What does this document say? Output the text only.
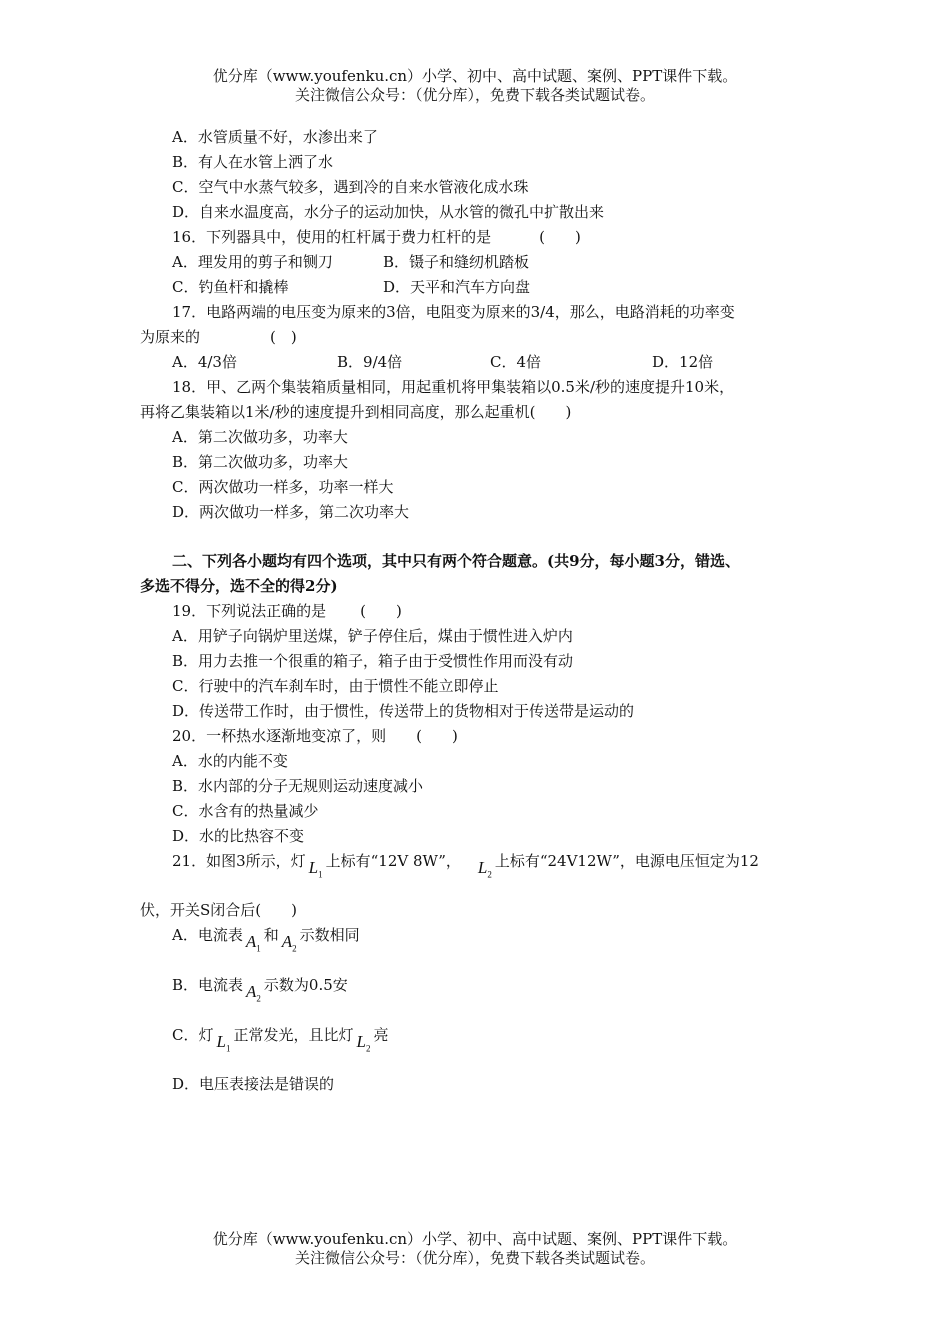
优分库（www.youfenku.cn）小学、初中、高中试题、案例、PPT课件下载。
关注微信公众号：（优分库），免费下载各类试题试卷。
A．水管质量不好，水渗出来了
B．有人在水管上洒了水
C．空气中水蒸气较多，遇到冷的自来水管液化成水珠
D．自来水温度高，水分子的运动加快，从水管的微孔中扩散出来
16．下列器具中，使用的杠杆属于费力杠杆的是	(　　)
A．理发用的剪子和铡刀	B．镊子和缝纫机踏板
C．钓鱼杆和撬棒	D．天平和汽车方向盘
17．电路两端的电压变为原来的3倍，电阻变为原来的3/4，那么，电路消耗的功率变
为原来的	(　)
A．4/3倍	B．9/4倍	C．4倍	D．12倍
18．甲、乙两个集装箱质量相同，用起重机将甲集装箱以0.5米/秒的速度提升10米，
再将乙集装箱以1米/秒的速度提升到相同高度，那么起重机(　　)
A．第二次做功多，功率大
B．第二次做功多，功率大
C．两次做功一样多，功率一样大
D．两次做功一样多，第二次功率大
二、下列各小题均有四个选项，其中只有两个符合题意。(共9分，每小题3分，错选、
多选不得分，选不全的得2分)
19．下列说法正确的是 (　　)
A．用铲子向锅炉里送煤，铲子停住后，煤由于惯性进入炉内
B．用力去推一个很重的箱子，箱子由于受惯性作用而没有动
C．行驶中的汽车刹车时，由于惯性不能立即停止
D．传送带工作时，由于惯性，传送带上的货物相对于传送带是运动的
20．一杯热水逐渐地变凉了，则 (　　)
A．水的内能不变
B．水内部的分子无规则运动速度减小
C．水含有的热量减少
D．水的比热容不变
21．如图3所示，灯 $L_1$上标有“12V 8W”， $L_2$上标有“24V12W”，电源电压恒定为12
伏，开关S闭合后(　　)
A．电流表 $A_1$和 $A_2$示数相同
B．电流表 $A_2$示数为0.5安
C．灯 $L_1$正常发光，且比灯 $L_2$亮
D．电压表接法是错误的
优分库（www.youfenku.cn）小学、初中、高中试题、案例、PPT课件下载。
关注微信公众号：（优分库），免费下载各类试题试卷。
